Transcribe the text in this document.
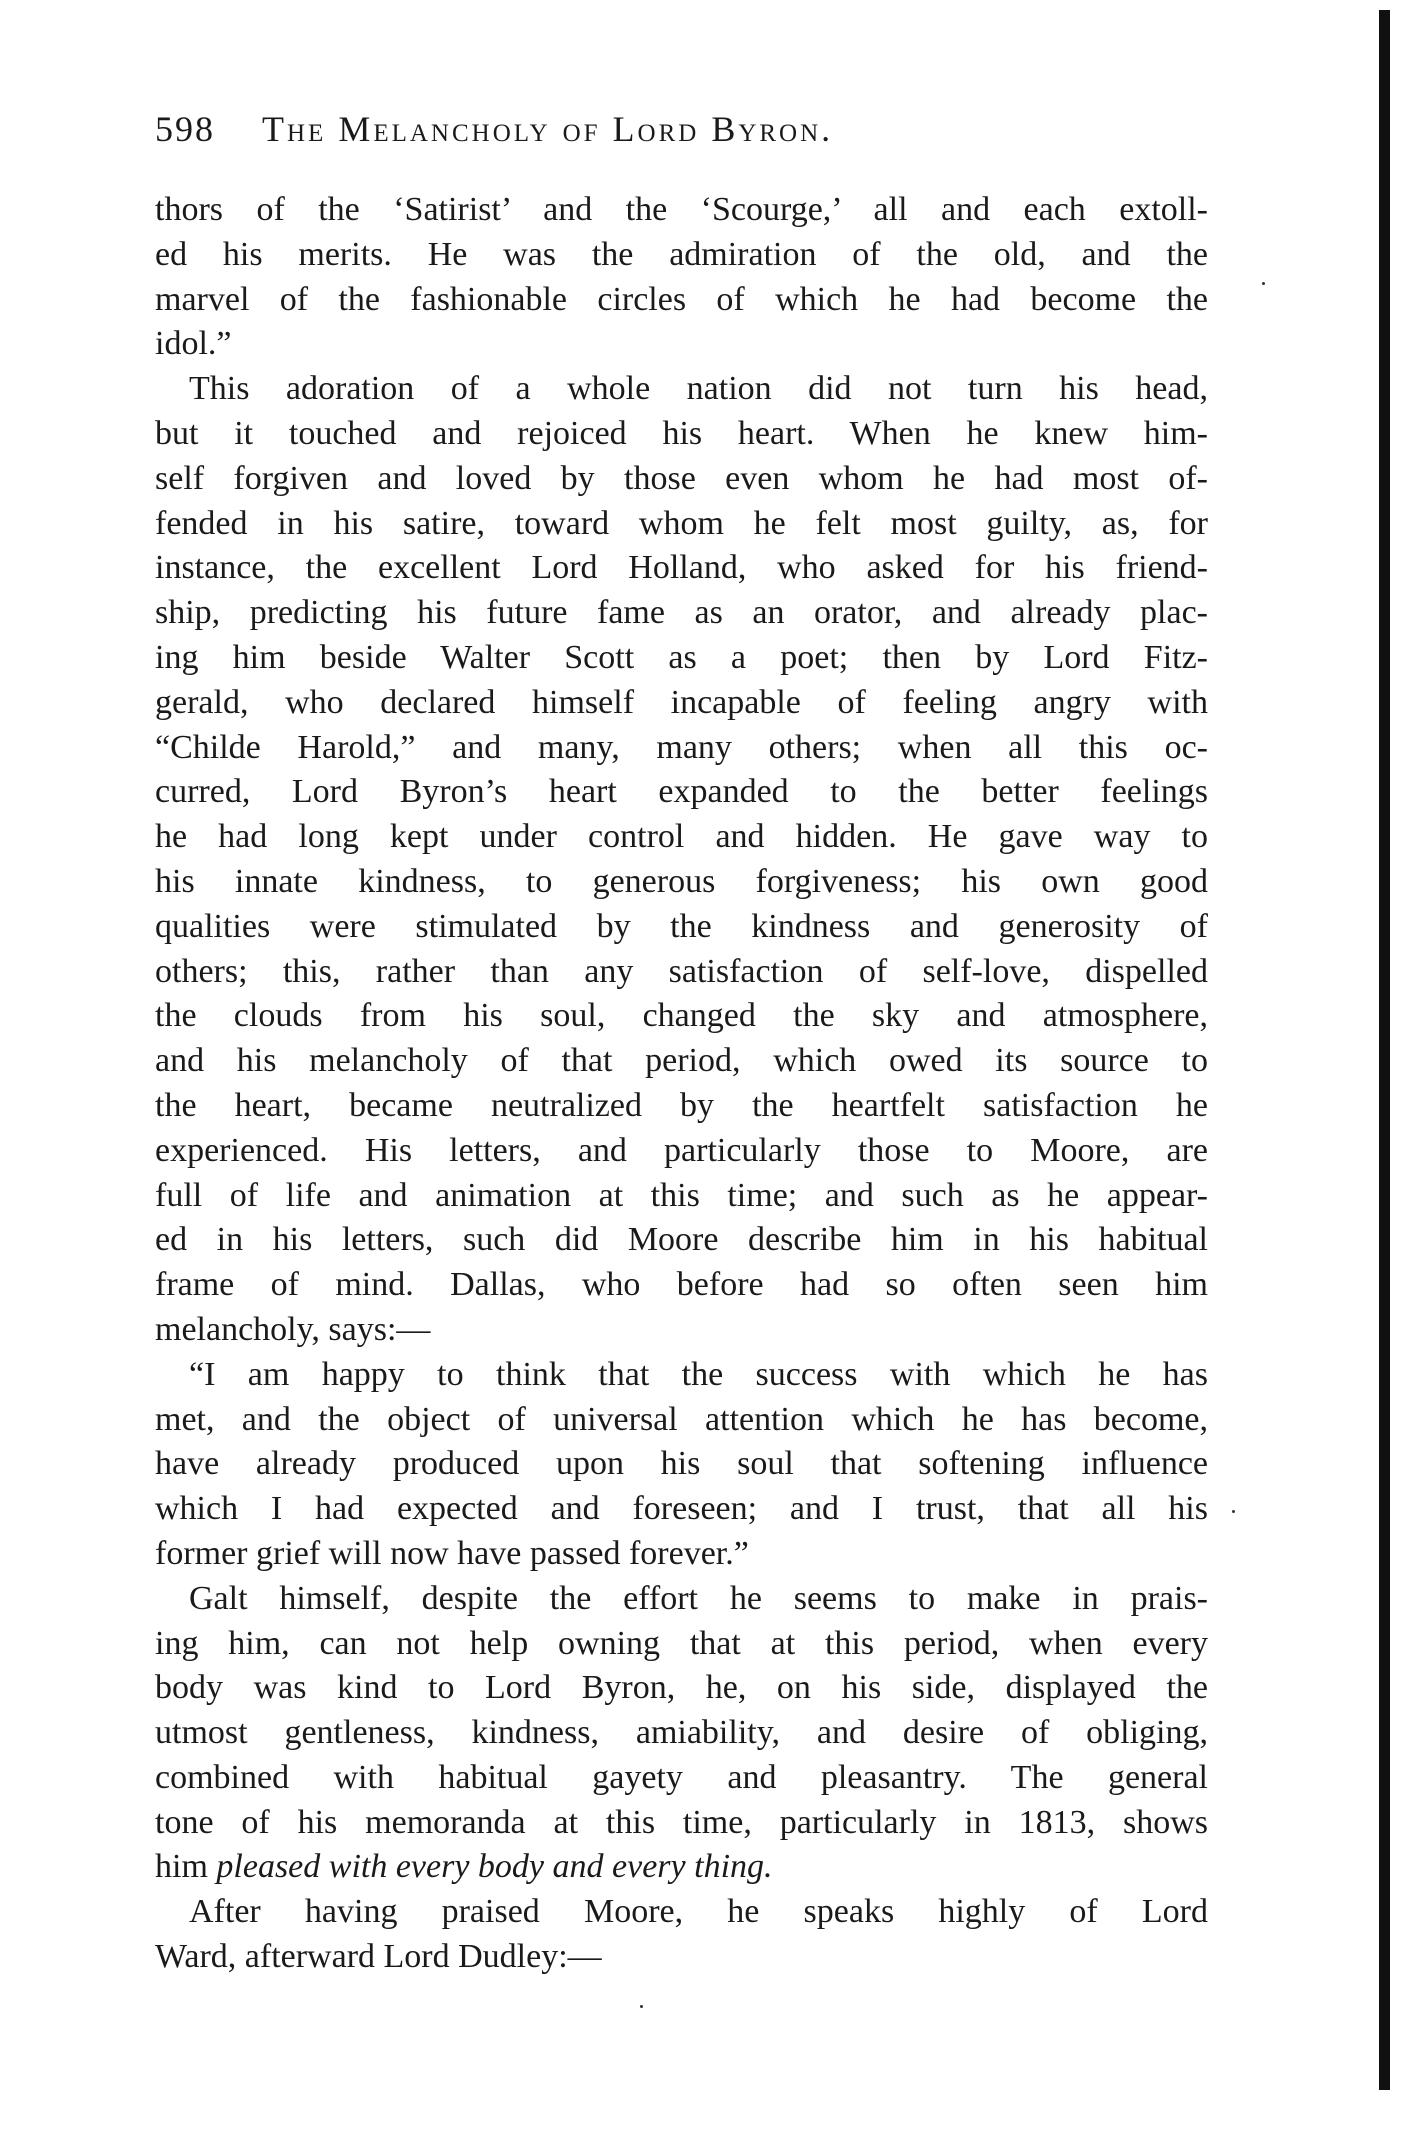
598 The Melancholy of Lord Byron.
thors of the ‘Satirist’ and the ‘Scourge,’ all and each extoll-
ed his merits. He was the admiration of the old, and the
marvel of the fashionable circles of which he had become the
idol.”
This adoration of a whole nation did not turn his head,
but it touched and rejoiced his heart. When he knew him-
self forgiven and loved by those even whom he had most of-
fended in his satire, toward whom he felt most guilty, as, for
instance, the excellent Lord Holland, who asked for his friend-
ship, predicting his future fame as an orator, and already plac-
ing him beside Walter Scott as a poet; then by Lord Fitz-
gerald, who declared himself incapable of feeling angry with
“Childe Harold,” and many, many others; when all this oc-
curred, Lord Byron’s heart expanded to the better feelings
he had long kept under control and hidden. He gave way to
his innate kindness, to generous forgiveness; his own good
qualities were stimulated by the kindness and generosity of
others; this, rather than any satisfaction of self-love, dispelled
the clouds from his soul, changed the sky and atmosphere,
and his melancholy of that period, which owed its source to
the heart, became neutralized by the heartfelt satisfaction he
experienced. His letters, and particularly those to Moore, are
full of life and animation at this time; and such as he appear-
ed in his letters, such did Moore describe him in his habitual
frame of mind. Dallas, who before had so often seen him
melancholy, says:—
“I am happy to think that the success with which he has
met, and the object of universal attention which he has become,
have already produced upon his soul that softening influence
which I had expected and foreseen; and I trust, that all his
former grief will now have passed forever.”
Galt himself, despite the effort he seems to make in prais-
ing him, can not help owning that at this period, when every
body was kind to Lord Byron, he, on his side, displayed the
utmost gentleness, kindness, amiability, and desire of obliging,
combined with habitual gayety and pleasantry. The general
tone of his memoranda at this time, particularly in 1813, shows
him pleased with every body and every thing.
After having praised Moore, he speaks highly of Lord
Ward, afterward Lord Dudley:—
